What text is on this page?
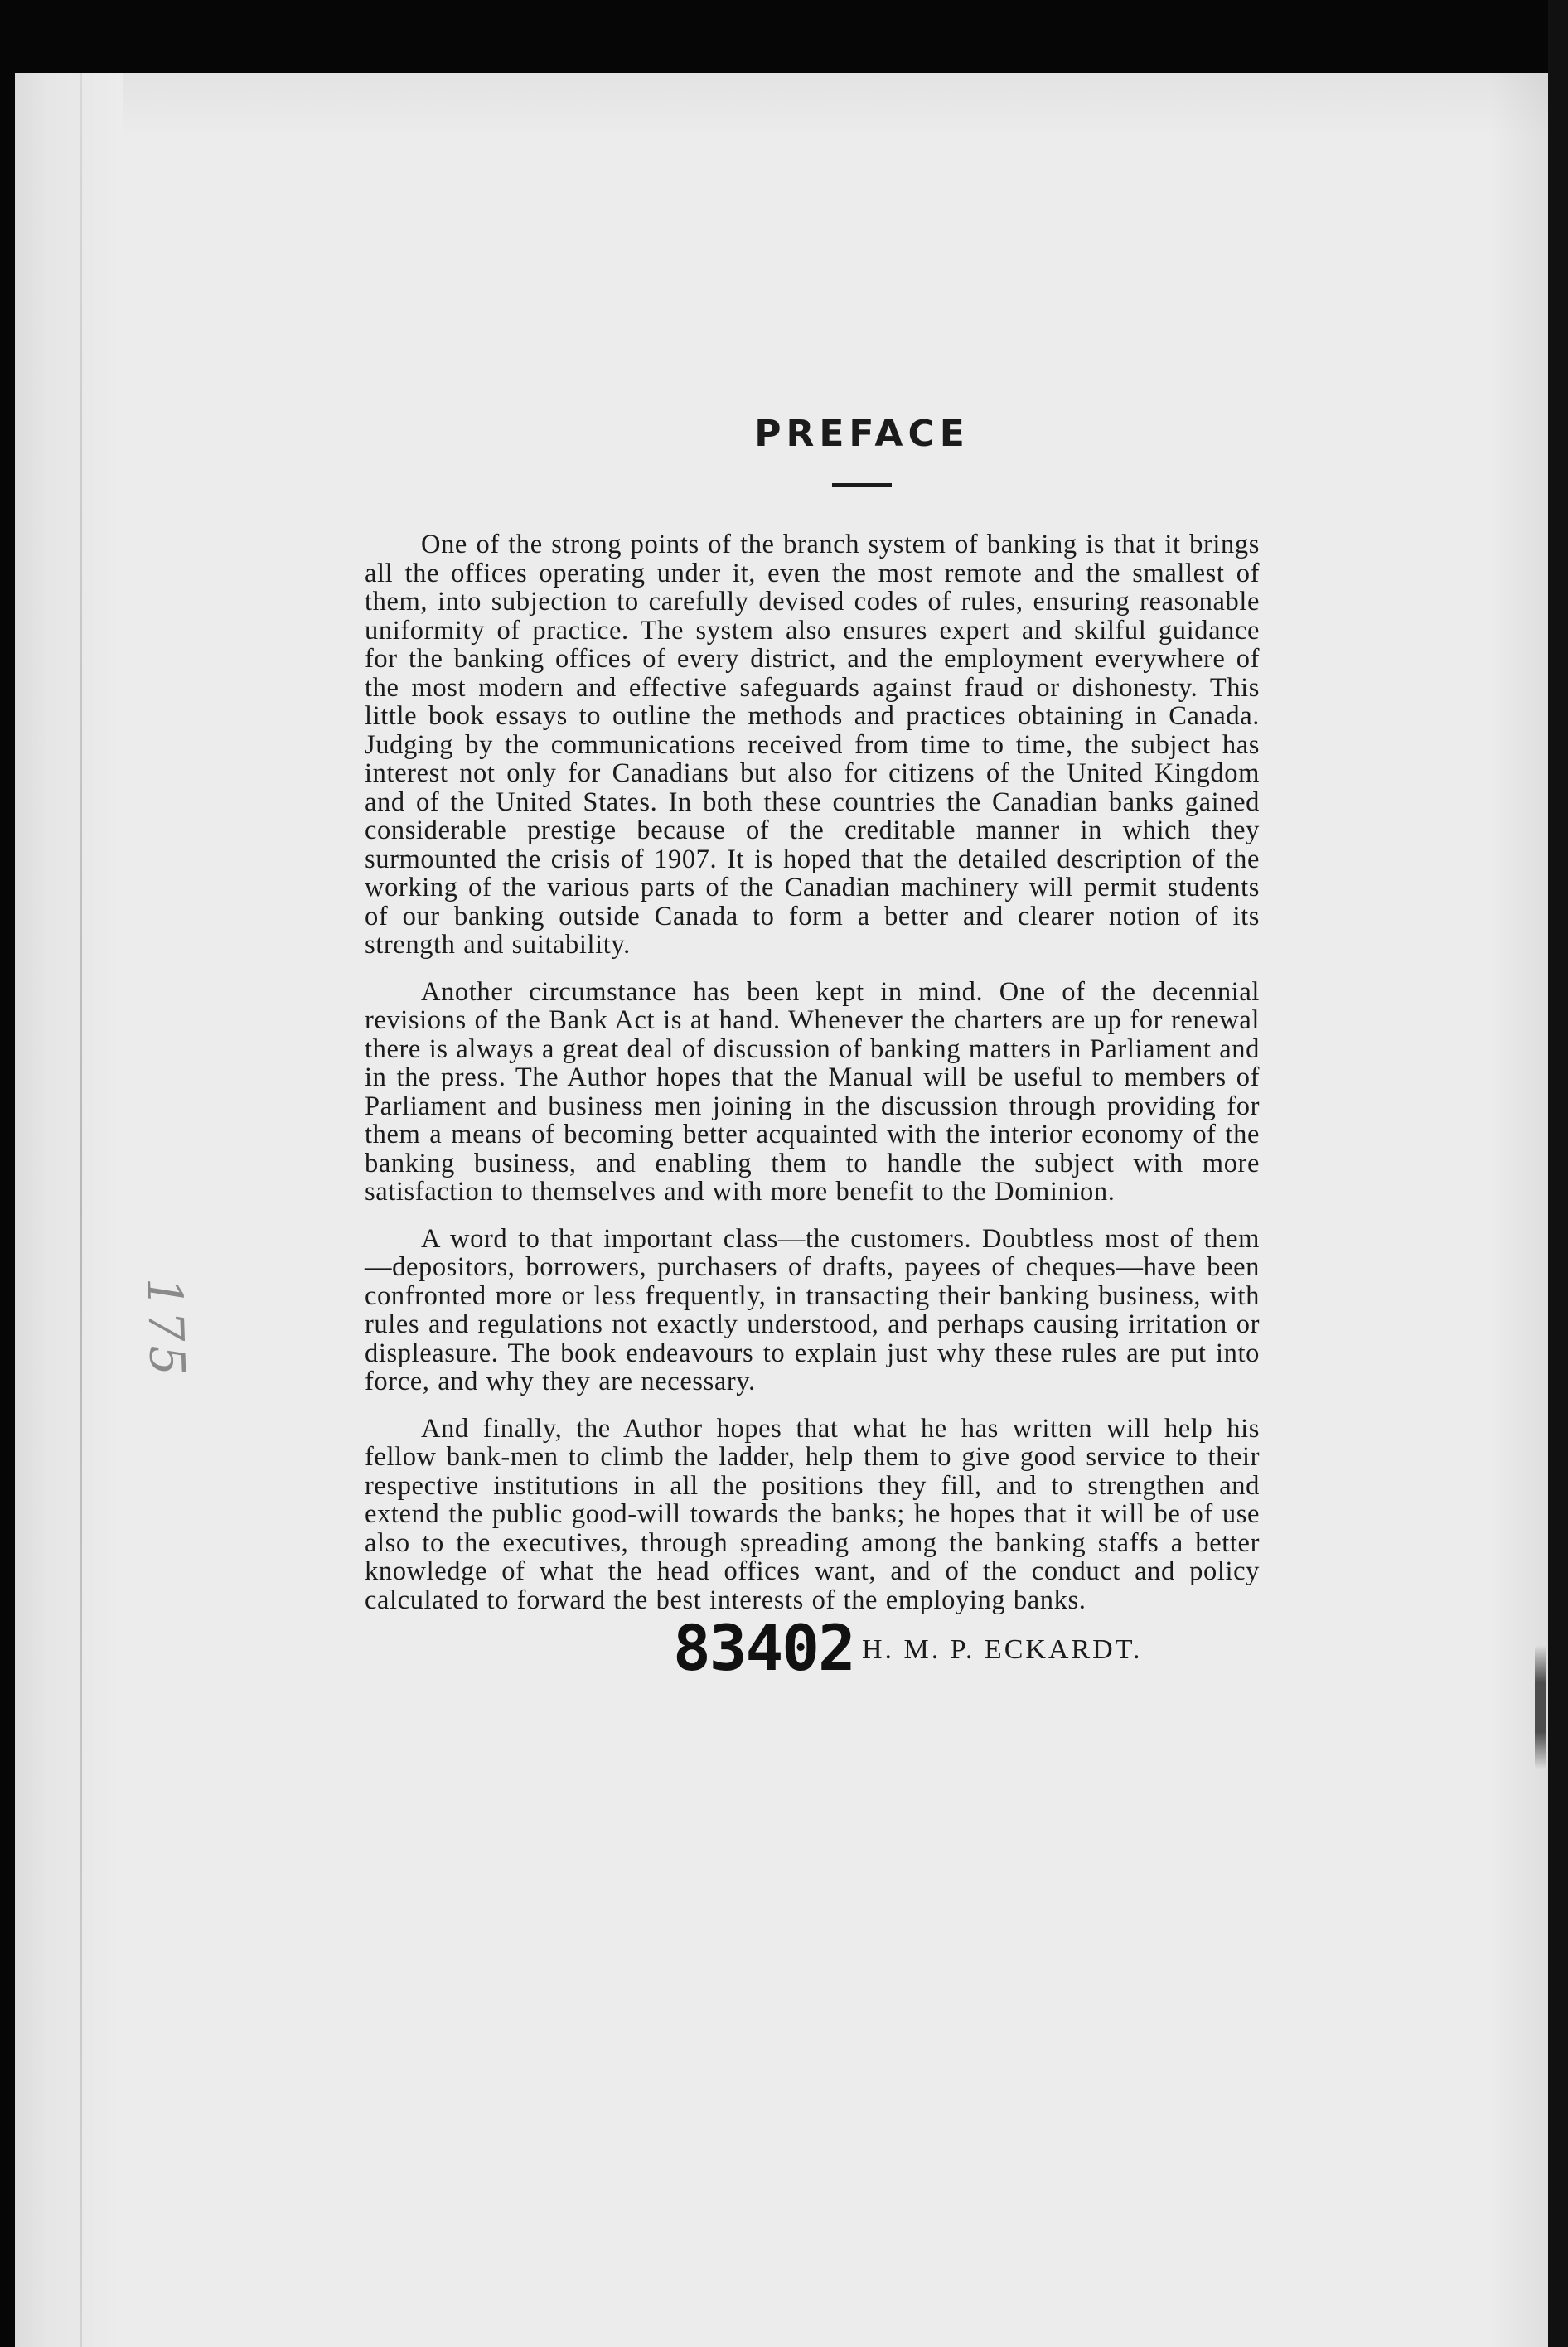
175
PREFACE

One of the strong points of the branch system of banking is that it brings all the offices operating under it, even the most remote and the smallest of them, into subjection to carefully devised codes of rules, ensuring reasonable uniformity of practice. The system also ensures expert and skilful guidance for the banking offices of every district, and the employment everywhere of the most modern and effective safeguards against fraud or dishonesty. This little book essays to outline the methods and practices obtaining in Canada. Judging by the communications received from time to time, the subject has interest not only for Canadians but also for citizens of the United Kingdom and of the United States. In both these countries the Canadian banks gained considerable prestige because of the creditable manner in which they surmounted the crisis of 1907. It is hoped that the detailed description of the working of the various parts of the Canadian machinery will permit students of our banking outside Canada to form a better and clearer notion of its strength and suitability.

Another circumstance has been kept in mind. One of the decennial revisions of the Bank Act is at hand. Whenever the charters are up for renewal there is always a great deal of discussion of banking matters in Parliament and in the press. The Author hopes that the Manual will be useful to members of Parliament and business men joining in the discussion through providing for them a means of becoming better acquainted with the interior economy of the banking business, and enabling them to handle the subject with more satisfaction to themselves and with more benefit to the Dominion.

A word to that important class—the customers. Doubtless most of them—depositors, borrowers, purchasers of drafts, payees of cheques—have been confronted more or less frequently, in transacting their banking business, with rules and regulations not exactly understood, and perhaps causing irritation or displeasure. The book endeavours to explain just why these rules are put into force, and why they are necessary.

And finally, the Author hopes that what he has written will help his fellow bank-men to climb the ladder, help them to give good service to their respective institutions in all the positions they fill, and to strengthen and extend the public good-will towards the banks; he hopes that it will be of use also to the executives, through spreading among the banking staffs a better knowledge of what the head offices want, and of the conduct and policy calculated to forward the best interests of the employing banks.

83402 H. M. P. ECKARDT.
